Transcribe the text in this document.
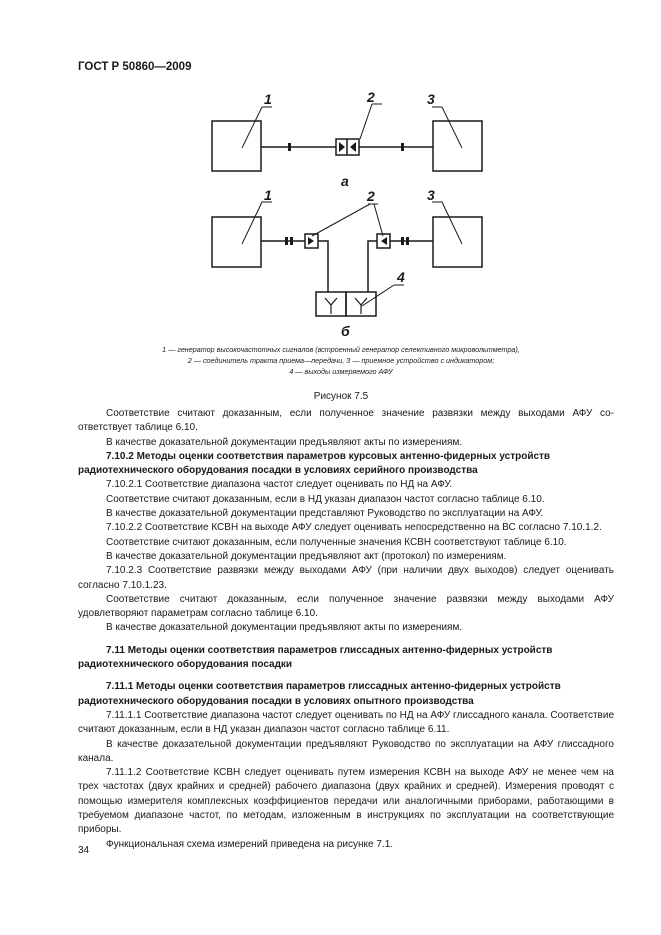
ГОСТ Р 50860—2009
1	2	3
а
1	2	3
4
б
1 — генератор высокочастотных сигналов (встроенный генератор селективного микровольтметра),
2 — соединитель тракта приема—передачи, 3 — приемное устройство с индикатором;
4 — выходы измеряемого АФУ
Рисунок 7.5

Соответствие считают доказанным, если полученное значение развязки между выходами АФУ соответствует таблице 6.10.

В качестве доказательной документации предъявляют акты по измерениям.

7.10.2 Методы оценки соответствия параметров курсовых антенно-фидерных устройств радиотехнического оборудования посадки в условиях серийного производства

7.10.2.1 Соответствие диапазона частот следует оценивать по НД на АФУ.

Соответствие считают доказанным, если в НД указан диапазон частот согласно таблице 6.10.

В качестве доказательной документации представляют Руководство по эксплуатации на АФУ.

7.10.2.2 Соответствие КСВН на выходе АФУ следует оценивать непосредственно на ВС согласно 7.10.1.2.

Соответствие считают доказанным, если полученные значения КСВН соответствуют таблице 6.10.

В качестве доказательной документации предъявляют акт (протокол) по измерениям.

7.10.2.3 Соответствие развязки между выходами АФУ (при наличии двух выходов) следует оценивать согласно 7.10.1.23.

Соответствие считают доказанным, если полученное значение развязки между выходами АФУ удовлетворяют параметрам согласно таблице 6.10.

В качестве доказательной документации предъявляют акты по измерениям.

7.11 Методы оценки соответствия параметров глиссадных антенно-фидерных устройств радиотехнического оборудования посадки

7.11.1 Методы оценки соответствия параметров глиссадных антенно-фидерных устройств радиотехнического оборудования посадки в условиях опытного производства

7.11.1.1 Соответствие диапазона частот следует оценивать по НД на АФУ глиссадного канала. Соответствие считают доказанным, если в НД указан диапазон частот согласно таблице 6.11.

В качестве доказательной документации предъявляют Руководство по эксплуатации на АФУ глиссадного канала.

7.11.1.2 Соответствие КСВН следует оценивать путем измерения КСВН на выходе АФУ не менее чем на трех частотах (двух крайних и средней) рабочего диапазона (двух крайних и средней). Измерения проводят с помощью измерителя комплексных коэффициентов передачи или аналогичными приборами, работающими в требуемом диапазоне частот, по методам, изложенным в инструкциях по эксплуатации на соответствующие приборы.

Функциональная схема измерений приведена на рисунке 7.1.

34
